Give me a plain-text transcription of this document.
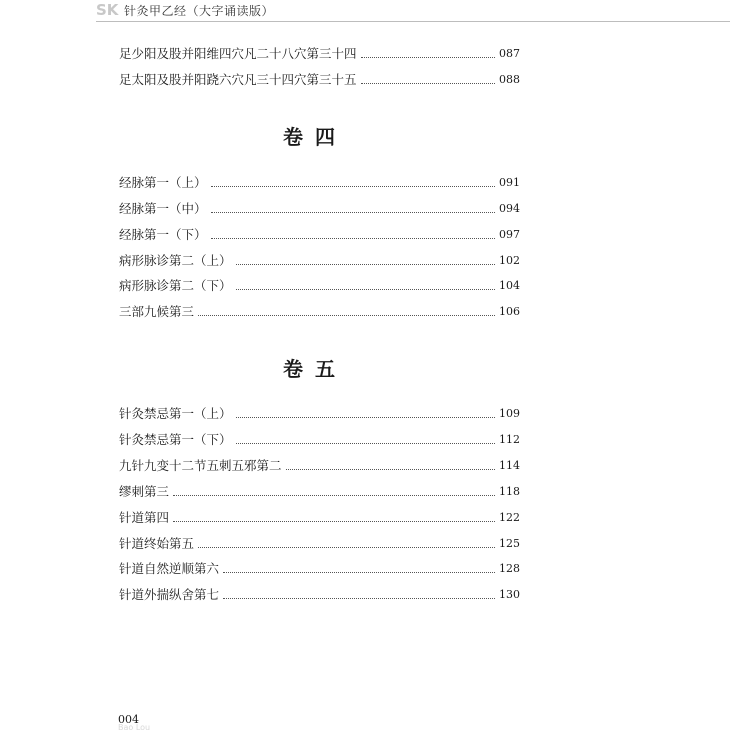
SK 针灸甲乙经（大字诵读版）
足少阳及股并阳维四穴凡二十八穴第三十四	087
足太阳及股并阳跷六穴凡三十四穴第三十五	088
卷四
经脉第一（上）	091
经脉第一（中）	094
经脉第一（下）	097
病形脉诊第二（上）	102
病形脉诊第二（下）	104
三部九候第三	106
卷五
针灸禁忌第一（上）	109
针灸禁忌第一（下）	112
九针九变十二节五刺五邪第二	114
缪刺第三	118
针道第四	122
针道终始第五	125
针道自然逆顺第六	128
针道外揣纵舍第七	130
004
Bao Lou
